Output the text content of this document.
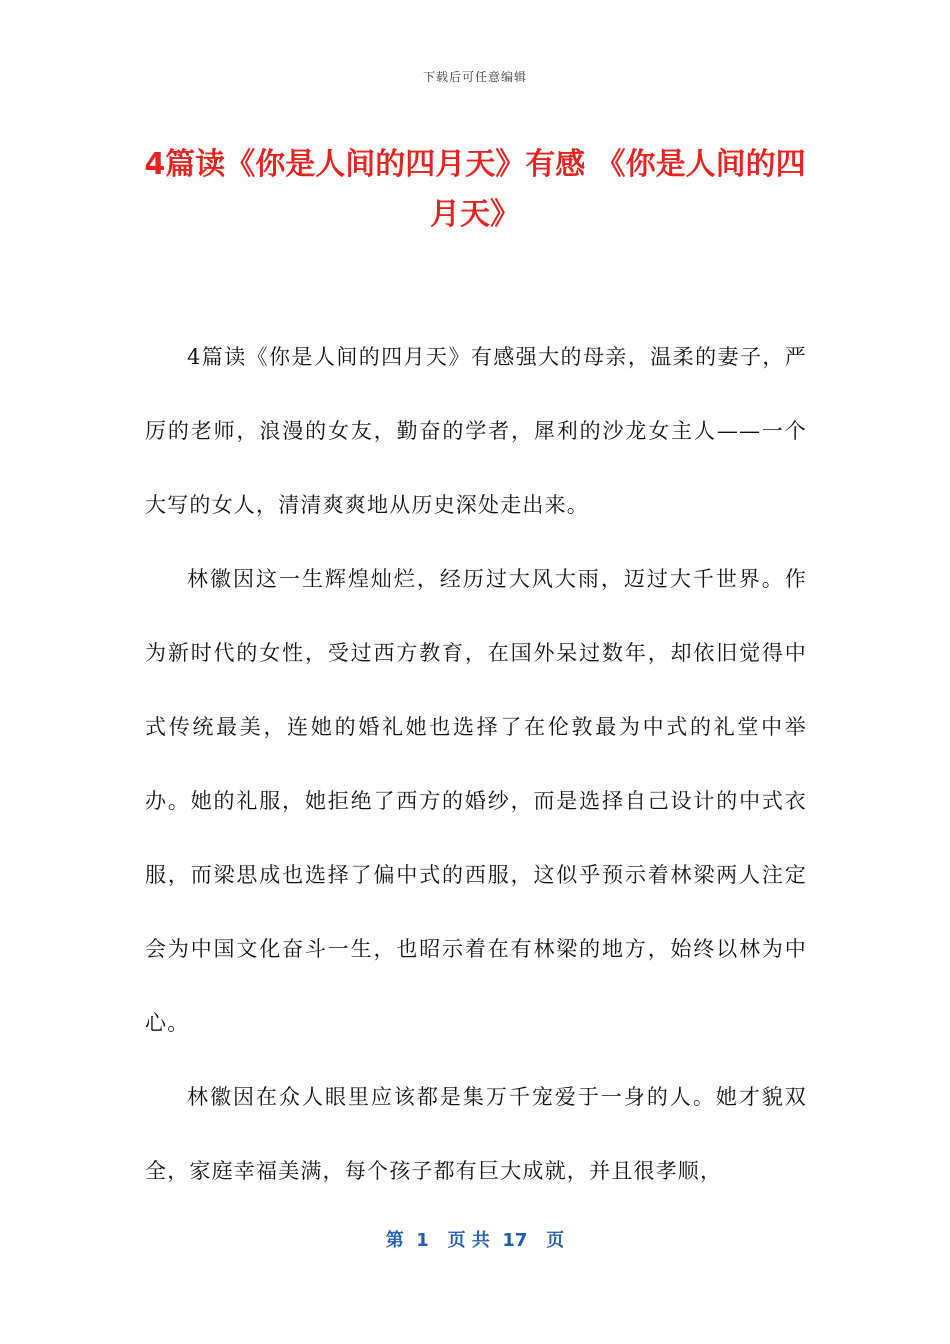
下载后可任意编辑
4篇读《你是人间的四月天》有感 《你是人间的四月天》

4篇读《你是人间的四月天》有感强大的母亲，温柔的妻子，严厉的老师，浪漫的女友，勤奋的学者，犀利的沙龙女主人——一个大写的女人，清清爽爽地从历史深处走出来。

林徽因这一生辉煌灿烂，经历过大风大雨，迈过大千世界。作为新时代的女性，受过西方教育，在国外呆过数年，却依旧觉得中式传统最美，连她的婚礼她也选择了在伦敦最为中式的礼堂中举办。她的礼服，她拒绝了西方的婚纱，而是选择自己设计的中式衣服，而梁思成也选择了偏中式的西服，这似乎预示着林梁两人注定会为中国文化奋斗一生，也昭示着在有林梁的地方，始终以林为中心。

林徽因在众人眼里应该都是集万千宠爱于一身的人。她才貌双全，家庭幸福美满，每个孩子都有巨大成就，并且很孝顺，

第  1   页 共  17   页
